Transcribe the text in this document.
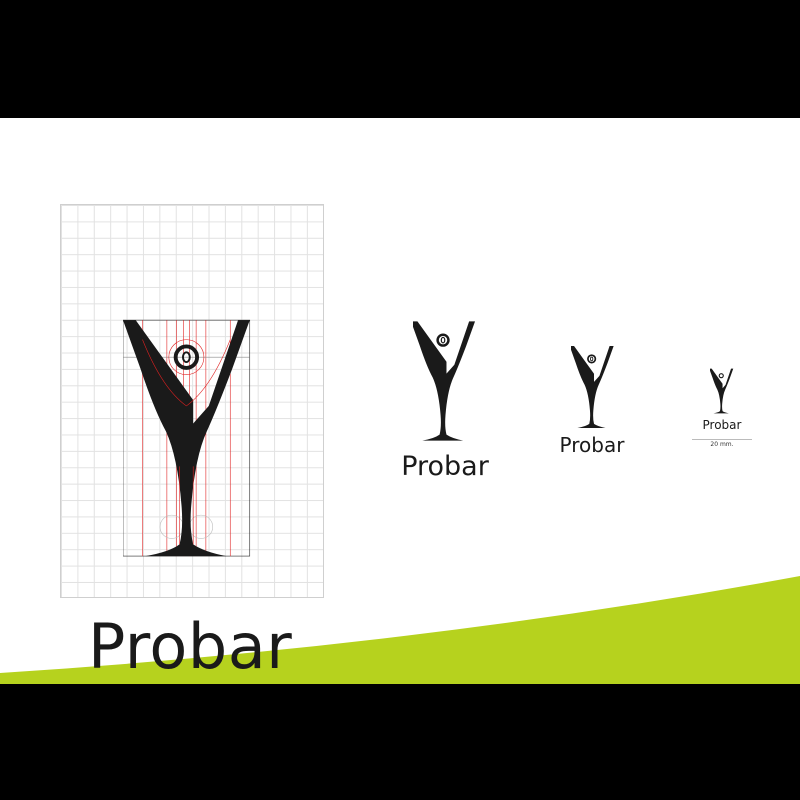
Probar

Probar

Probar

Probar

20 mm.
